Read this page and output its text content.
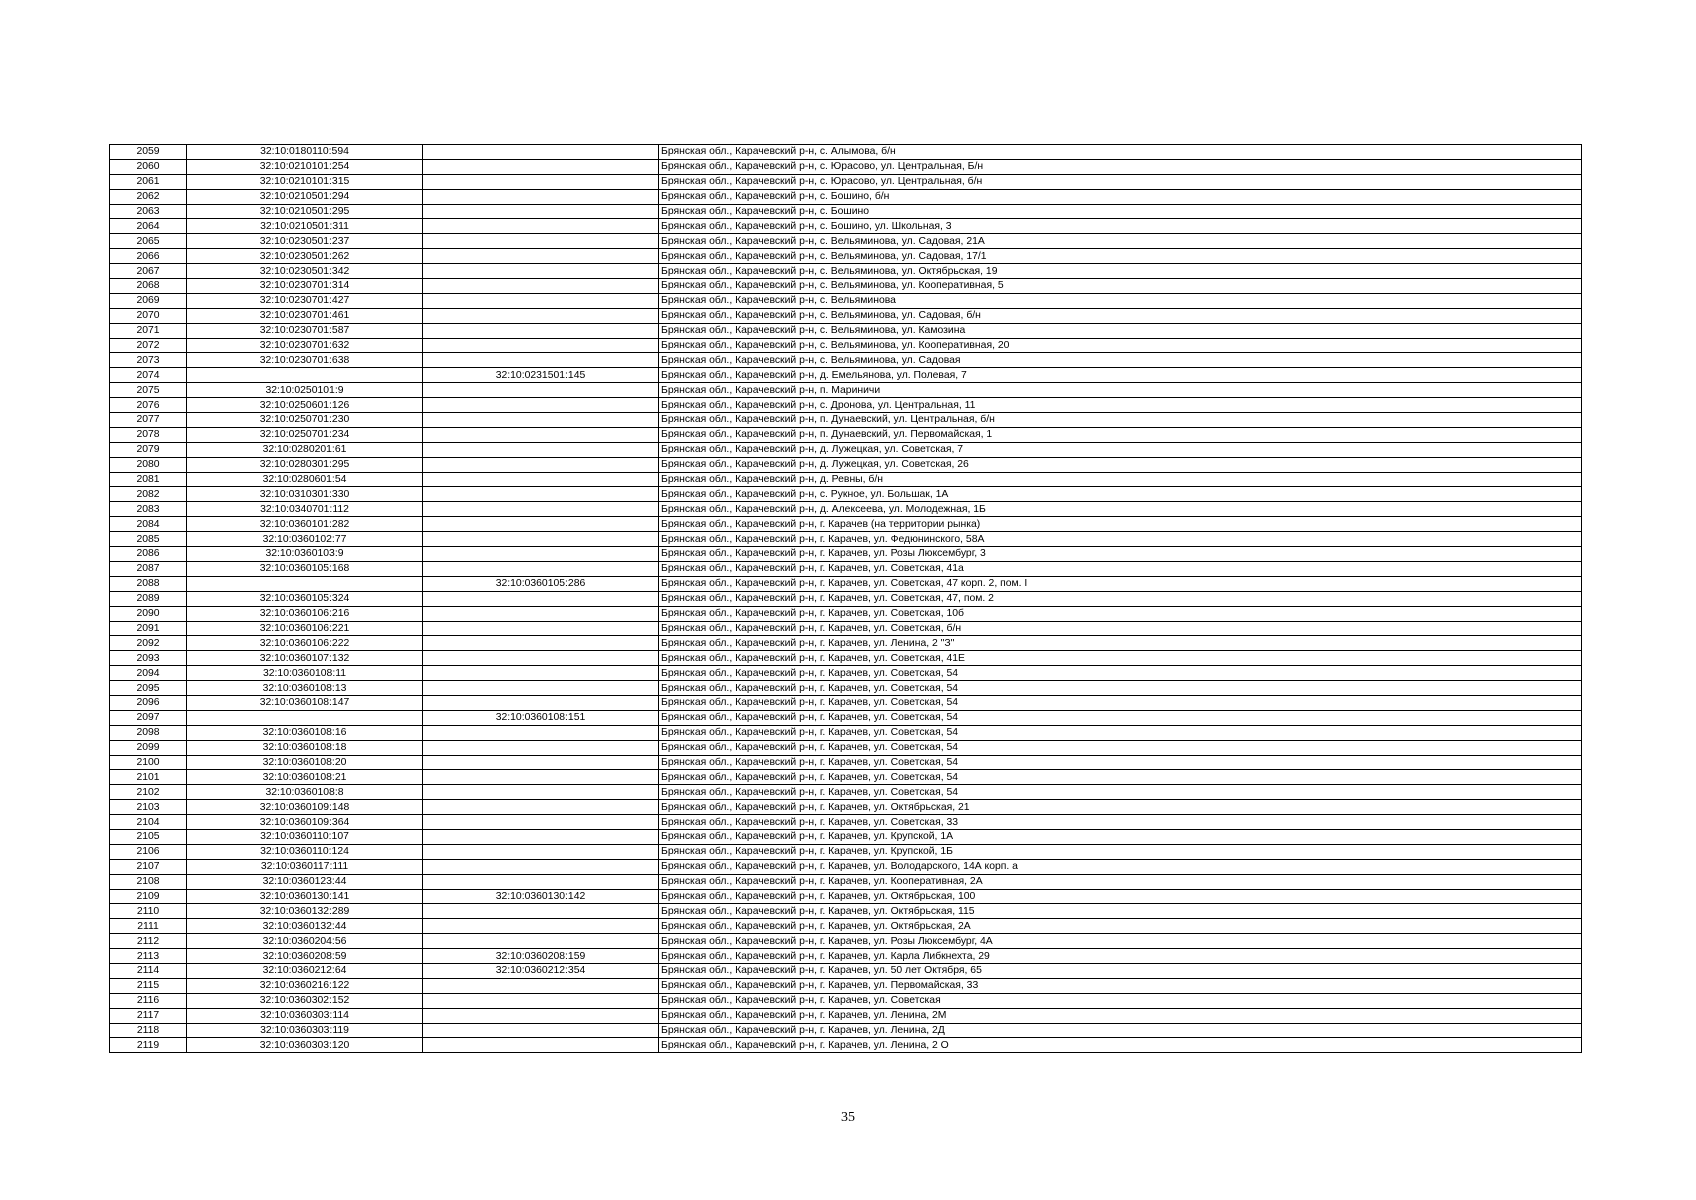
2059	32:10:0180110:594		Брянская обл., Карачевский р-н, с. Алымова, б/н
2060	32:10:0210101:254		Брянская обл., Карачевский р-н, с. Юрасово, ул. Центральная, Б/н
2061	32:10:0210101:315		Брянская обл., Карачевский р-н, с. Юрасово, ул. Центральная, б/н
2062	32:10:0210501:294		Брянская обл., Карачевский р-н, с. Бошино, б/н
2063	32:10:0210501:295		Брянская обл., Карачевский р-н, с. Бошино
2064	32:10:0210501:311		Брянская обл., Карачевский р-н, с. Бошино, ул. Школьная, 3
2065	32:10:0230501:237		Брянская обл., Карачевский р-н, с. Вельяминова, ул. Садовая, 21А
2066	32:10:0230501:262		Брянская обл., Карачевский р-н, с. Вельяминова, ул. Садовая, 17/1
2067	32:10:0230501:342		Брянская обл., Карачевский р-н, с. Вельяминова, ул. Октябрьская, 19
2068	32:10:0230701:314		Брянская обл., Карачевский р-н, с. Вельяминова, ул. Кооперативная, 5
2069	32:10:0230701:427		Брянская обл., Карачевский р-н, с. Вельяминова
2070	32:10:0230701:461		Брянская обл., Карачевский р-н, с. Вельяминова, ул. Садовая, б/н
2071	32:10:0230701:587		Брянская обл., Карачевский р-н, с. Вельяминова, ул. Камозина
2072	32:10:0230701:632		Брянская обл., Карачевский р-н, с. Вельяминова, ул. Кооперативная, 20
2073	32:10:0230701:638		Брянская обл., Карачевский р-н, с. Вельяминова, ул. Садовая
2074		32:10:0231501:145	Брянская обл., Карачевский р-н, д. Емельянова, ул. Полевая, 7
2075	32:10:0250101:9		Брянская обл., Карачевский р-н, п. Мариничи
2076	32:10:0250601:126		Брянская обл., Карачевский р-н, с. Дронова, ул. Центральная, 11
2077	32:10:0250701:230		Брянская обл., Карачевский р-н, п. Дунаевский, ул. Центральная, б/н
2078	32:10:0250701:234		Брянская обл., Карачевский р-н, п. Дунаевский, ул. Первомайская, 1
2079	32:10:0280201:61		Брянская обл., Карачевский р-н, д. Лужецкая, ул. Советская, 7
2080	32:10:0280301:295		Брянская обл., Карачевский р-н, д. Лужецкая, ул. Советская, 26
2081	32:10:0280601:54		Брянская обл., Карачевский р-н, д. Ревны, б/н
2082	32:10:0310301:330		Брянская обл., Карачевский р-н, с. Рукное, ул. Большак, 1А
2083	32:10:0340701:112		Брянская обл., Карачевский р-н, д. Алексеева, ул. Молодежная, 1Б
2084	32:10:0360101:282		Брянская обл., Карачевский р-н, г. Карачев (на территории рынка)
2085	32:10:0360102:77		Брянская обл., Карачевский р-н, г. Карачев, ул. Федюнинского, 58А
2086	32:10:0360103:9		Брянская обл., Карачевский р-н, г. Карачев, ул. Розы Люксембург, 3
2087	32:10:0360105:168		Брянская обл., Карачевский р-н, г. Карачев, ул. Советская, 41а
2088		32:10:0360105:286	Брянская обл., Карачевский р-н, г. Карачев, ул. Советская, 47 корп. 2, пом. I
2089	32:10:0360105:324		Брянская обл., Карачевский р-н, г. Карачев, ул. Советская, 47, пом. 2
2090	32:10:0360106:216		Брянская обл., Карачевский р-н, г. Карачев, ул. Советская, 10б
2091	32:10:0360106:221		Брянская обл., Карачевский р-н, г. Карачев, ул. Советская, б/н
2092	32:10:0360106:222		Брянская обл., Карачевский р-н, г. Карачев, ул. Ленина, 2 "З"
2093	32:10:0360107:132		Брянская обл., Карачевский р-н, г. Карачев, ул. Советская, 41Е
2094	32:10:0360108:11		Брянская обл., Карачевский р-н, г. Карачев, ул. Советская, 54
2095	32:10:0360108:13		Брянская обл., Карачевский р-н, г. Карачев, ул. Советская, 54
2096	32:10:0360108:147		Брянская обл., Карачевский р-н, г. Карачев, ул. Советская, 54
2097		32:10:0360108:151	Брянская обл., Карачевский р-н, г. Карачев, ул. Советская, 54
2098	32:10:0360108:16		Брянская обл., Карачевский р-н, г. Карачев, ул. Советская, 54
2099	32:10:0360108:18		Брянская обл., Карачевский р-н, г. Карачев, ул. Советская, 54
2100	32:10:0360108:20		Брянская обл., Карачевский р-н, г. Карачев, ул. Советская, 54
2101	32:10:0360108:21		Брянская обл., Карачевский р-н, г. Карачев, ул. Советская, 54
2102	32:10:0360108:8		Брянская обл., Карачевский р-н, г. Карачев, ул. Советская, 54
2103	32:10:0360109:148		Брянская обл., Карачевский р-н, г. Карачев, ул. Октябрьская, 21
2104	32:10:0360109:364		Брянская обл., Карачевский р-н, г. Карачев, ул. Советская, 33
2105	32:10:0360110:107		Брянская обл., Карачевский р-н, г. Карачев, ул. Крупской, 1А
2106	32:10:0360110:124		Брянская обл., Карачевский р-н, г. Карачев, ул. Крупской, 1Б
2107	32:10:0360117:111		Брянская обл., Карачевский р-н, г. Карачев, ул. Володарского, 14А корп. а
2108	32:10:0360123:44		Брянская обл., Карачевский р-н, г. Карачев, ул. Кооперативная, 2А
2109	32:10:0360130:141	32:10:0360130:142	Брянская обл., Карачевский р-н, г. Карачев, ул. Октябрьская, 100
2110	32:10:0360132:289		Брянская обл., Карачевский р-н, г. Карачев, ул. Октябрьская, 115
2111	32:10:0360132:44		Брянская обл., Карачевский р-н, г. Карачев, ул. Октябрьская, 2А
2112	32:10:0360204:56		Брянская обл., Карачевский р-н, г. Карачев, ул. Розы Люксембург, 4А
2113	32:10:0360208:59	32:10:0360208:159	Брянская обл., Карачевский р-н, г. Карачев, ул. Карла Либкнехта, 29
2114	32:10:0360212:64	32:10:0360212:354	Брянская обл., Карачевский р-н, г. Карачев, ул. 50 лет Октября, 65
2115	32:10:0360216:122		Брянская обл., Карачевский р-н, г. Карачев, ул. Первомайская, 33
2116	32:10:0360302:152		Брянская обл., Карачевский р-н, г. Карачев, ул. Советская
2117	32:10:0360303:114		Брянская обл., Карачевский р-н, г. Карачев, ул. Ленина, 2М
2118	32:10:0360303:119		Брянская обл., Карачевский р-н, г. Карачев, ул. Ленина, 2Д
2119	32:10:0360303:120		Брянская обл., Карачевский р-н, г. Карачев, ул. Ленина, 2 О
35
